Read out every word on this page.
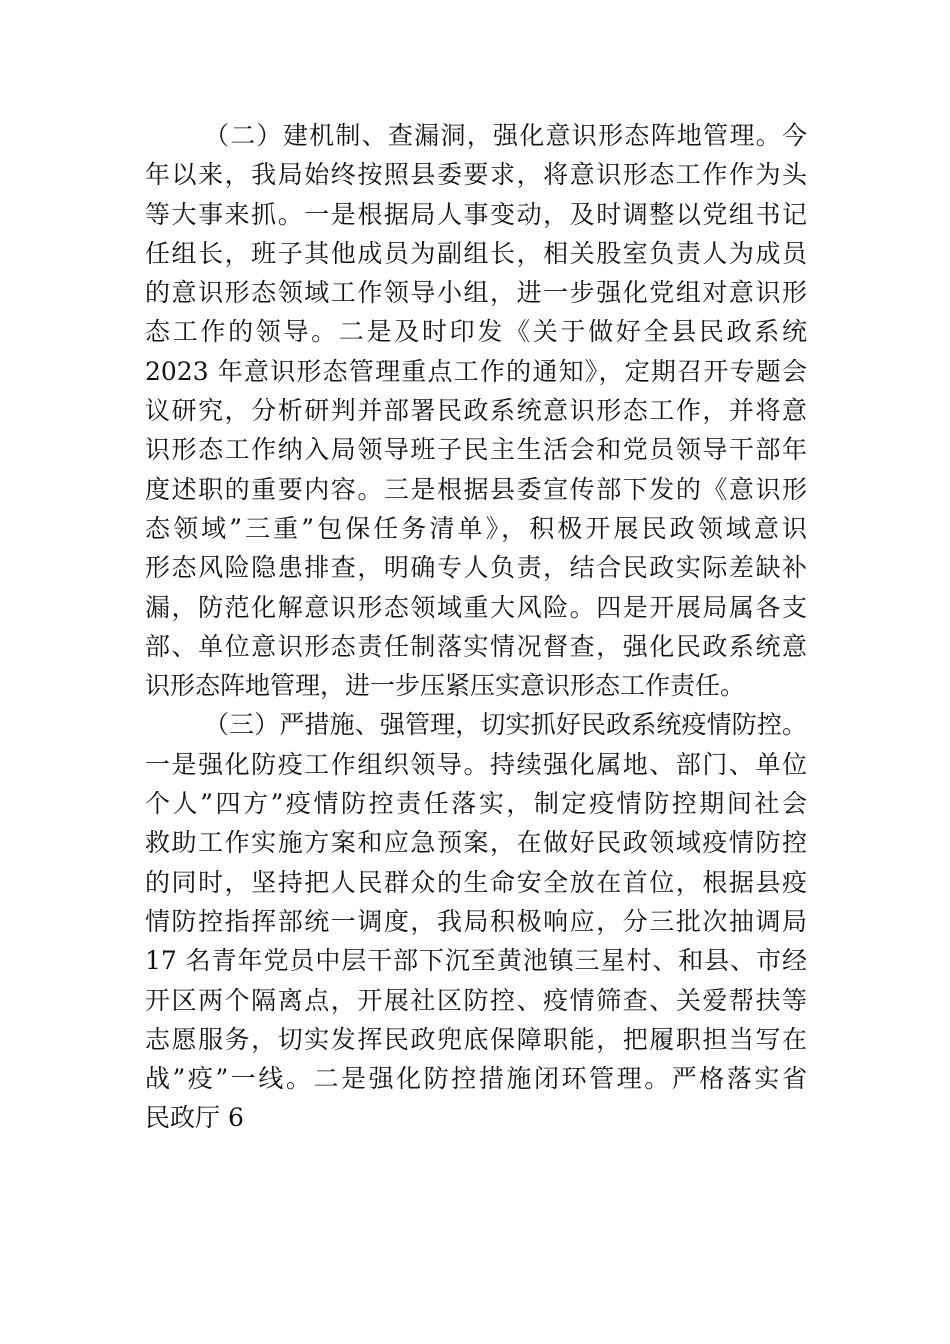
（二）建机制、查漏洞，强化意识形态阵地管理。今
年以来，我局始终按照县委要求，将意识形态工作作为头
等大事来抓。一是根据局人事变动，及时调整以党组书记
任组长，班子其他成员为副组长，相关股室负责人为成员
的意识形态领域工作领导小组，进一步强化党组对意识形
态工作的领导。二是及时印发《关于做好全县民政系统
2023 年意识形态管理重点工作的通知》，定期召开专题会
议研究，分析研判并部署民政系统意识形态工作，并将意
识形态工作纳入局领导班子民主生活会和党员领导干部年
度述职的重要内容。三是根据县委宣传部下发的《意识形
态领域”三重”包保任务清单》，积极开展民政领域意识
形态风险隐患排查，明确专人负责，结合民政实际差缺补
漏，防范化解意识形态领域重大风险。四是开展局属各支
部、单位意识形态责任制落实情况督查，强化民政系统意
识形态阵地管理，进一步压紧压实意识形态工作责任。
（三）严措施、强管理，切实抓好民政系统疫情防控。
一是强化防疫工作组织领导。持续强化属地、部门、单位
个人”四方”疫情防控责任落实，制定疫情防控期间社会
救助工作实施方案和应急预案，在做好民政领域疫情防控
的同时，坚持把人民群众的生命安全放在首位，根据县疫
情防控指挥部统一调度，我局积极响应，分三批次抽调局
17 名青年党员中层干部下沉至黄池镇三星村、和县、市经
开区两个隔离点，开展社区防控、疫情筛查、关爱帮扶等
志愿服务，切实发挥民政兜底保障职能，把履职担当写在
战”疫”一线。二是强化防控措施闭环管理。严格落实省
民政厅 6
